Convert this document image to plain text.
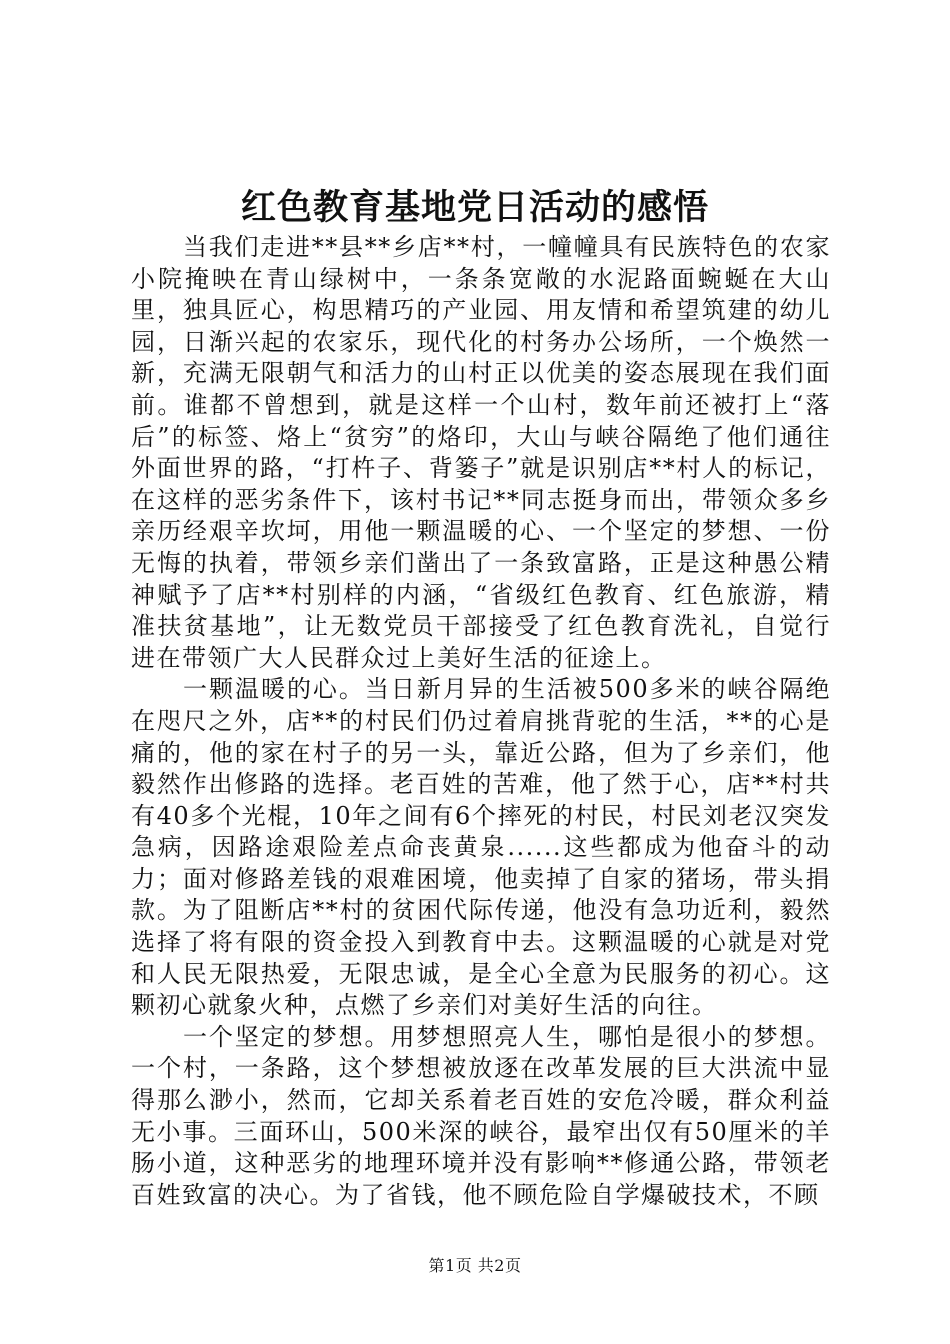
红色教育基地党日活动的感悟

当我们走进**县**乡店**村，一幢幢具有民族特色的农家小院掩映在青山绿树中，一条条宽敞的水泥路面蜿蜒在大山里，独具匠心，构思精巧的产业园、用友情和希望筑建的幼儿园，日渐兴起的农家乐，现代化的村务办公场所，一个焕然一新，充满无限朝气和活力的山村正以优美的姿态展现在我们面前。谁都不曾想到，就是这样一个山村，数年前还被打上“落后”的标签、烙上“贫穷”的烙印，大山与峡谷隔绝了他们通往外面世界的路，“打杵子、背篓子”就是识别店**村人的标记，在这样的恶劣条件下，该村书记**同志挺身而出，带领众多乡亲历经艰辛坎坷，用他一颗温暖的心、一个坚定的梦想、一份无悔的执着，带领乡亲们凿出了一条致富路，正是这种愚公精神赋予了店**村别样的内涵，“省级红色教育、红色旅游，精准扶贫基地”，让无数党员干部接受了红色教育洗礼，自觉行进在带领广大人民群众过上美好生活的征途上。

一颗温暖的心。当日新月异的生活被500多米的峡谷隔绝在咫尺之外，店**的村民们仍过着肩挑背驼的生活，**的心是痛的，他的家在村子的另一头，靠近公路，但为了乡亲们，他毅然作出修路的选择。老百姓的苦难，他了然于心，店**村共有40多个光棍，10年之间有6个摔死的村民，村民刘老汉突发急病，因路途艰险差点命丧黄泉......这些都成为他奋斗的动力；面对修路差钱的艰难困境，他卖掉了自家的猪场，带头捐款。为了阻断店**村的贫困代际传递，他没有急功近利，毅然选择了将有限的资金投入到教育中去。这颗温暖的心就是对党和人民无限热爱，无限忠诚，是全心全意为民服务的初心。这颗初心就象火种，点燃了乡亲们对美好生活的向往。

一个坚定的梦想。用梦想照亮人生，哪怕是很小的梦想。一个村，一条路，这个梦想被放逐在改革发展的巨大洪流中显得那么渺小，然而，它却关系着老百姓的安危冷暖，群众利益无小事。三面环山，500米深的峡谷，最窄出仅有50厘米的羊肠小道，这种恶劣的地理环境并没有影响**修通公路，带领老百姓致富的决心。为了省钱，他不顾危险自学爆破技术，不顾

第1页 共2页
